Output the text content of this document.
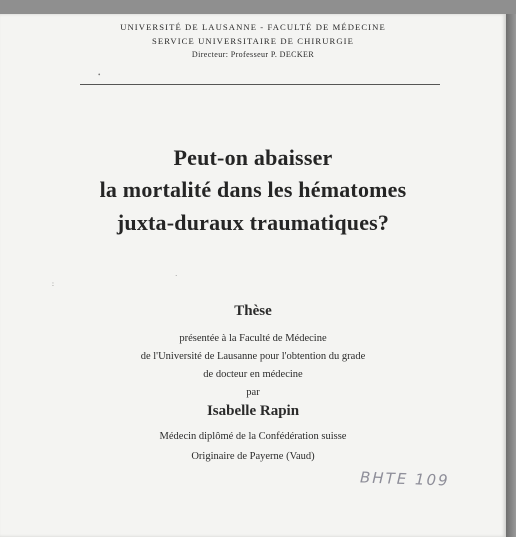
UNIVERSITÉ DE LAUSANNE - FACULTÉ DE MÉDECINE
SERVICE UNIVERSITAIRE DE CHIRURGIE
Directeur: Professeur P. DECKER
•
·
:
Peut-on abaisser
la mortalité dans les hématomes
juxta-duraux traumatiques?
Thèse
présentée à la Faculté de Médecine
de l'Université de Lausanne pour l'obtention du grade
de docteur en médecine
par
Isabelle Rapin
Médecin diplômé de la Confédération suisse
Originaire de Payerne (Vaud)
BHTE 109
